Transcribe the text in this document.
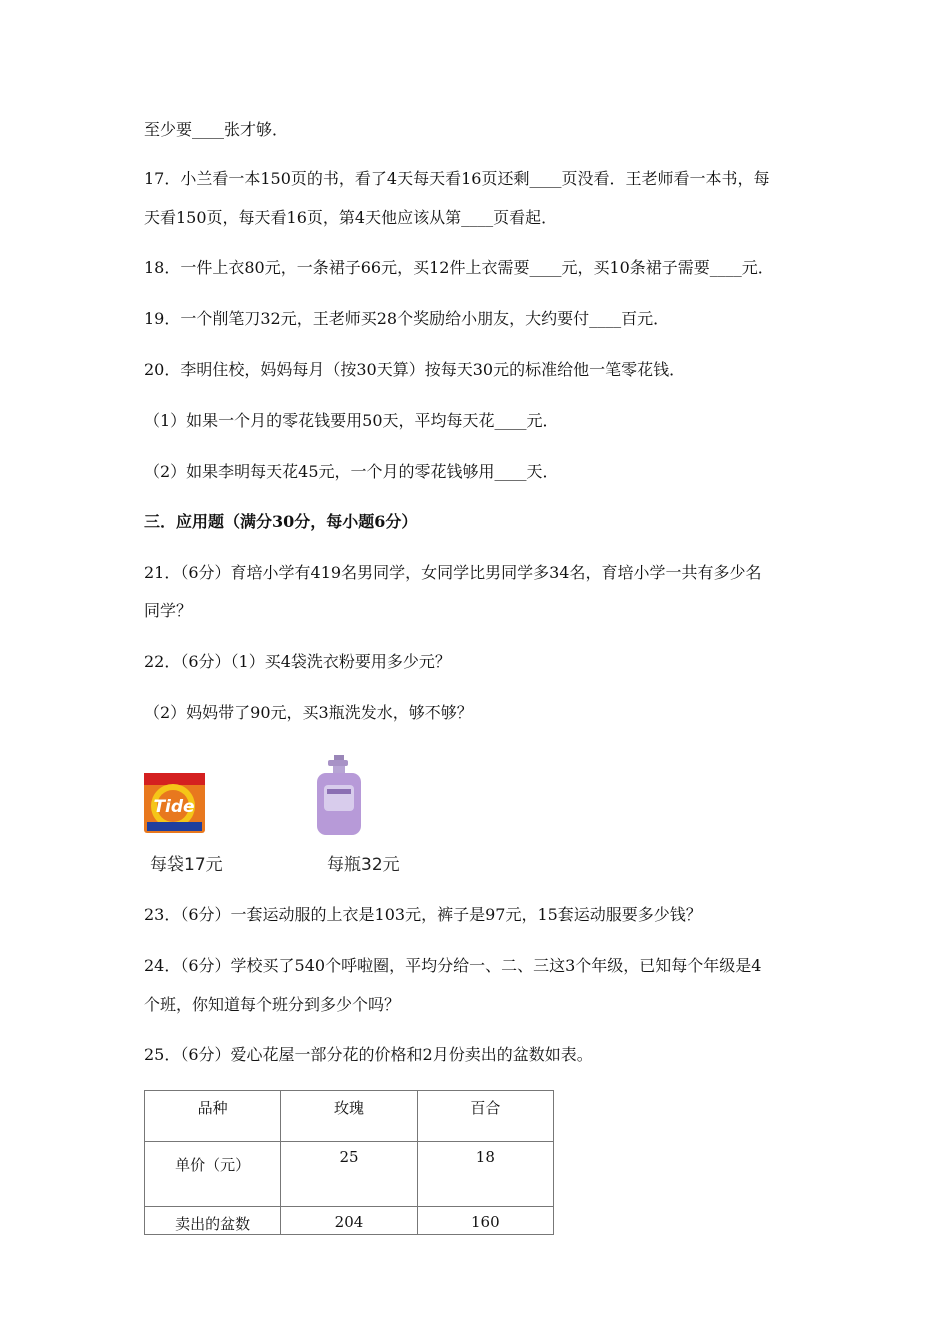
至少要____张才够．
17．小兰看一本150页的书，看了4天每天看16页还剩____页没看．王老师看一本书，每
天看150页，每天看16页，第4天他应该从第____页看起．
18．一件上衣80元，一条裙子66元，买12件上衣需要____元，买10条裙子需要____元．
19．一个削笔刀32元，王老师买28个奖励给小朋友，大约要付____百元．
20．李明住校，妈妈每月（按30天算）按每天30元的标准给他一笔零花钱．
（1）如果一个月的零花钱要用50天，平均每天花____元．
（2）如果李明每天花45元，一个月的零花钱够用____天．
三．应用题（满分30分，每小题6分）
21．（6分）育培小学有419名男同学，女同学比男同学多34名，育培小学一共有多少名
同学？
22．（6分）（1）买4袋洗衣粉要用多少元？
（2）妈妈带了90元，买3瓶洗发水，够不够？
Tide
每袋17元	每瓶32元
23．（6分）一套运动服的上衣是103元，裤子是97元，15套运动服要多少钱？
24．（6分）学校买了540个呼啦圈，平均分给一、二、三这3个年级，已知每个年级是4
个班，你知道每个班分到多少个吗？
25．（6分）爱心花屋一部分花的价格和2月份卖出的盆数如表。
品种	玫瑰	百合
单价（元）	25	18
卖出的盆数	204	160
